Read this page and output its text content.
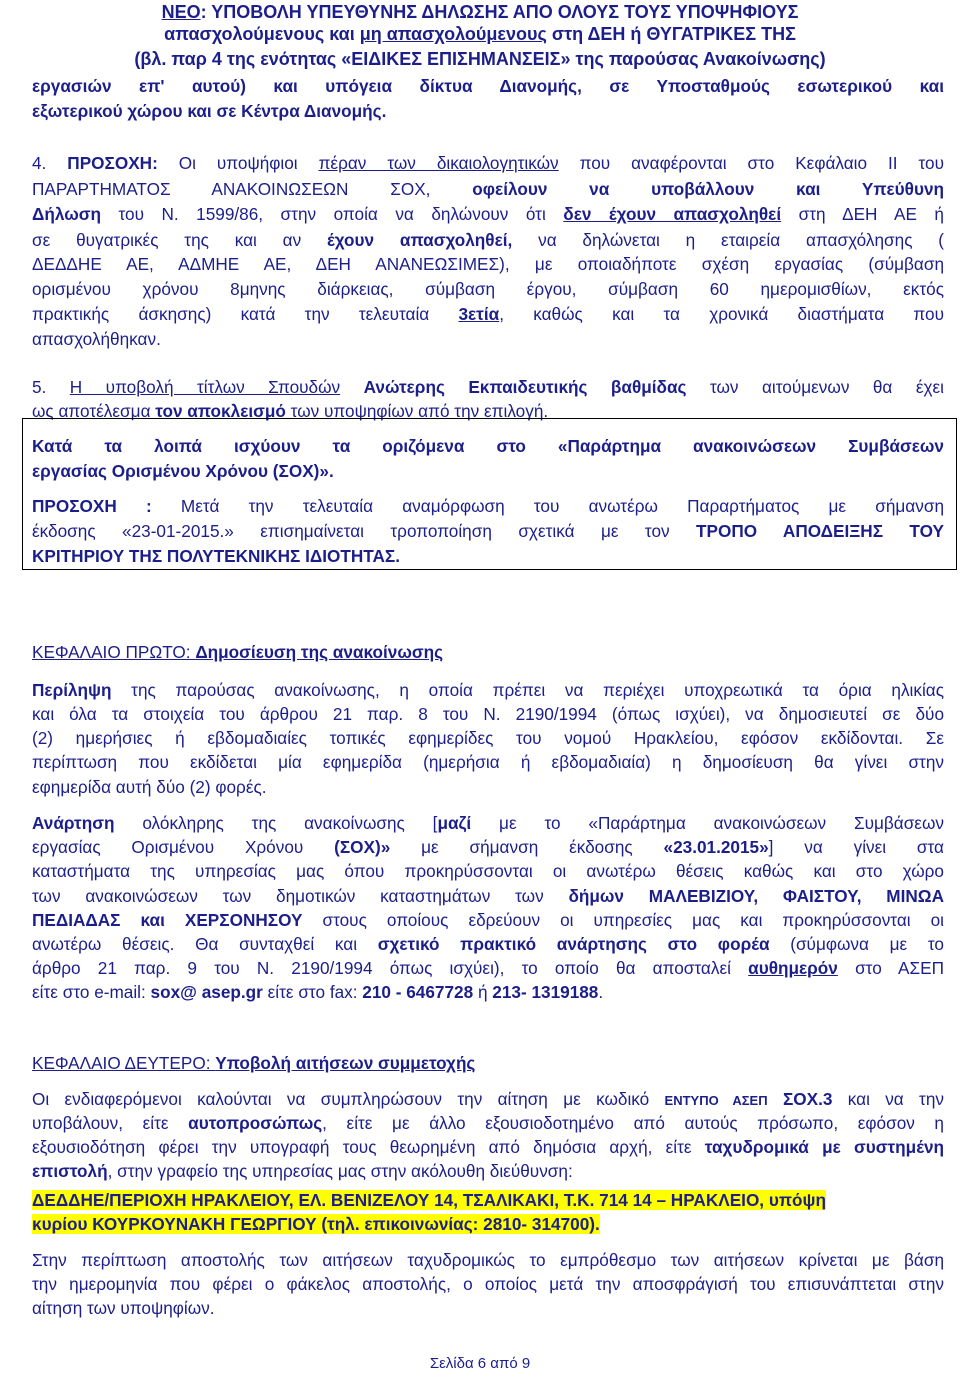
ΝΕΟ: ΥΠΟΒΟΛΗ ΥΠΕΥΘΥΝΗΣ ΔΗΛΩΣΗΣ ΑΠΟ ΟΛΟΥΣ ΤΟΥΣ ΥΠΟΨΗΦΙΟΥΣ
απασχολούμενους και μη απασχολούμενους στη ΔΕΗ ή ΘΥΓΑΤΡΙΚΕΣ ΤΗΣ
(βλ. παρ 4 της ενότητας «ΕΙΔΙΚΕΣ ΕΠΙΣΗΜΑΝΣΕΙΣ» της παρούσας Ανακοίνωσης)
εργασιών επ' αυτού) και υπόγεια δίκτυα Διανομής, σε Υποσταθμούς εσωτερικού και
εξωτερικού χώρου και σε Κέντρα Διανομής.
4. ΠΡΟΣΟΧΗ: Οι υποψήφιοι πέραν των δικαιολογητικών που αναφέρονται στο Κεφάλαιο ΙΙ του
ΠΑΡΑΡΤΗΜΑΤΟΣ ΑΝΑΚΟΙΝΩΣΕΩΝ ΣΟΧ, οφείλουν να υποβάλλουν και Υπεύθυνη
Δήλωση του Ν. 1599/86, στην οποία να δηλώνουν ότι δεν έχουν απασχοληθεί στη ΔΕΗ ΑΕ ή
σε θυγατρικές της και αν έχουν απασχοληθεί, να δηλώνεται η εταιρεία απασχόλησης (
ΔΕΔΔΗΕ ΑΕ, ΑΔΜΗΕ ΑΕ, ΔΕΗ ΑΝΑΝΕΩΣΙΜΕΣ), με οποιαδήποτε σχέση εργασίας (σύμβαση
ορισμένου χρόνου 8μηνης διάρκειας, σύμβαση έργου, σύμβαση 60 ημερομισθίων, εκτός
πρακτικής άσκησης) κατά την τελευταία 3ετία, καθώς και τα χρονικά διαστήματα που
απασχολήθηκαν.
5. Η υποβολή τίτλων Σπουδών Ανώτερης Εκπαιδευτικής βαθμίδας των αιτούμενων θα έχει
ως αποτέλεσμα τον αποκλεισμό των υποψηφίων από την επιλογή.
Κατά τα λοιπά ισχύουν τα οριζόμενα στο «Παράρτημα ανακοινώσεων Συμβάσεων
εργασίας Ορισμένου Χρόνου (ΣΟΧ)».
ΠΡΟΣΟΧΗ : Μετά την τελευταία αναμόρφωση του ανωτέρω Παραρτήματος με σήμανση
έκδοσης «23-01-2015.» επισημαίνεται τροποποίηση σχετικά με τον ΤΡΟΠΟ ΑΠΟΔΕΙΞΗΣ ΤΟΥ
ΚΡΙΤΗΡΙΟΥ ΤΗΣ ΠΟΛΥΤΕΚΝΙΚΗΣ ΙΔΙΟΤΗΤΑΣ.
ΚΕΦΑΛΑΙΟ ΠΡΩΤΟ: Δημοσίευση της ανακοίνωσης
Περίληψη της παρούσας ανακοίνωσης, η οποία πρέπει να περιέχει υποχρεωτικά τα όρια ηλικίας
και όλα τα στοιχεία του άρθρου 21 παρ. 8 του Ν. 2190/1994 (όπως ισχύει), να δημοσιευτεί σε δύο
(2) ημερήσιες ή εβδομαδιαίες τοπικές εφημερίδες του νομού Ηρακλείου, εφόσον εκδίδονται. Σε
περίπτωση που εκδίδεται μία εφημερίδα (ημερήσια ή εβδομαδιαία) η δημοσίευση θα γίνει στην
εφημερίδα αυτή δύο (2) φορές.
Ανάρτηση ολόκληρης της ανακοίνωσης [μαζί με το «Παράρτημα ανακοινώσεων Συμβάσεων
εργασίας Ορισμένου Χρόνου (ΣΟΧ)» με σήμανση έκδοσης «23.01.2015»] να γίνει στα
καταστήματα της υπηρεσίας μας όπου προκηρύσσονται οι ανωτέρω θέσεις καθώς και στο χώρο
των ανακοινώσεων των δημοτικών καταστημάτων των δήμων ΜΑΛΕΒΙΖΙΟΥ, ΦΑΙΣΤΟΥ, ΜΙΝΩΑ
ΠΕΔΙΑΔΑΣ και ΧΕΡΣΟΝΗΣΟΥ στους οποίους εδρεύουν οι υπηρεσίες μας και προκηρύσσονται οι
ανωτέρω θέσεις. Θα συνταχθεί και σχετικό πρακτικό ανάρτησης στο φορέα (σύμφωνα με το
άρθρο 21 παρ. 9 του Ν. 2190/1994 όπως ισχύει), το οποίο θα αποσταλεί αυθημερόν στο ΑΣΕΠ
είτε στο e-mail: sox@ asep.gr είτε στο fax: 210 - 6467728 ή 213- 1319188.
ΚΕΦΑΛΑΙΟ ΔΕΥΤΕΡΟ: Υποβολή αιτήσεων συμμετοχής
Οι ενδιαφερόμενοι καλούνται να συμπληρώσουν την αίτηση με κωδικό ΕΝΤΥΠΟ ΑΣΕΠ ΣΟΧ.3 και να την
υποβάλουν, είτε αυτοπροσώπως, είτε με άλλο εξουσιοδοτημένο από αυτούς πρόσωπο, εφόσον η
εξουσιοδότηση φέρει την υπογραφή τους θεωρημένη από δημόσια αρχή, είτε ταχυδρομικά με συστημένη
επιστολή, στην γραφείο της υπηρεσίας μας στην ακόλουθη διεύθυνση:
ΔΕΔΔΗΕ/ΠΕΡΙΟΧΗ ΗΡΑΚΛΕΙΟΥ, ΕΛ. ΒΕΝΙΖΕΛΟΥ 14, ΤΣΑΛΙΚΑΚΙ, Τ.Κ. 714 14 – ΗΡΑΚΛΕΙΟ, υπόψη
κυρίου ΚΟΥΡΚΟΥΝΑΚΗ ΓΕΩΡΓΙΟΥ (τηλ. επικοινωνίας: 2810- 314700).
Στην περίπτωση αποστολής των αιτήσεων ταχυδρομικώς το εμπρόθεσμο των αιτήσεων κρίνεται με βάση
την ημερομηνία που φέρει ο φάκελος αποστολής, ο οποίος μετά την αποσφράγισή του επισυνάπτεται στην
αίτηση των υποψηφίων.
Σελίδα 6 από 9
